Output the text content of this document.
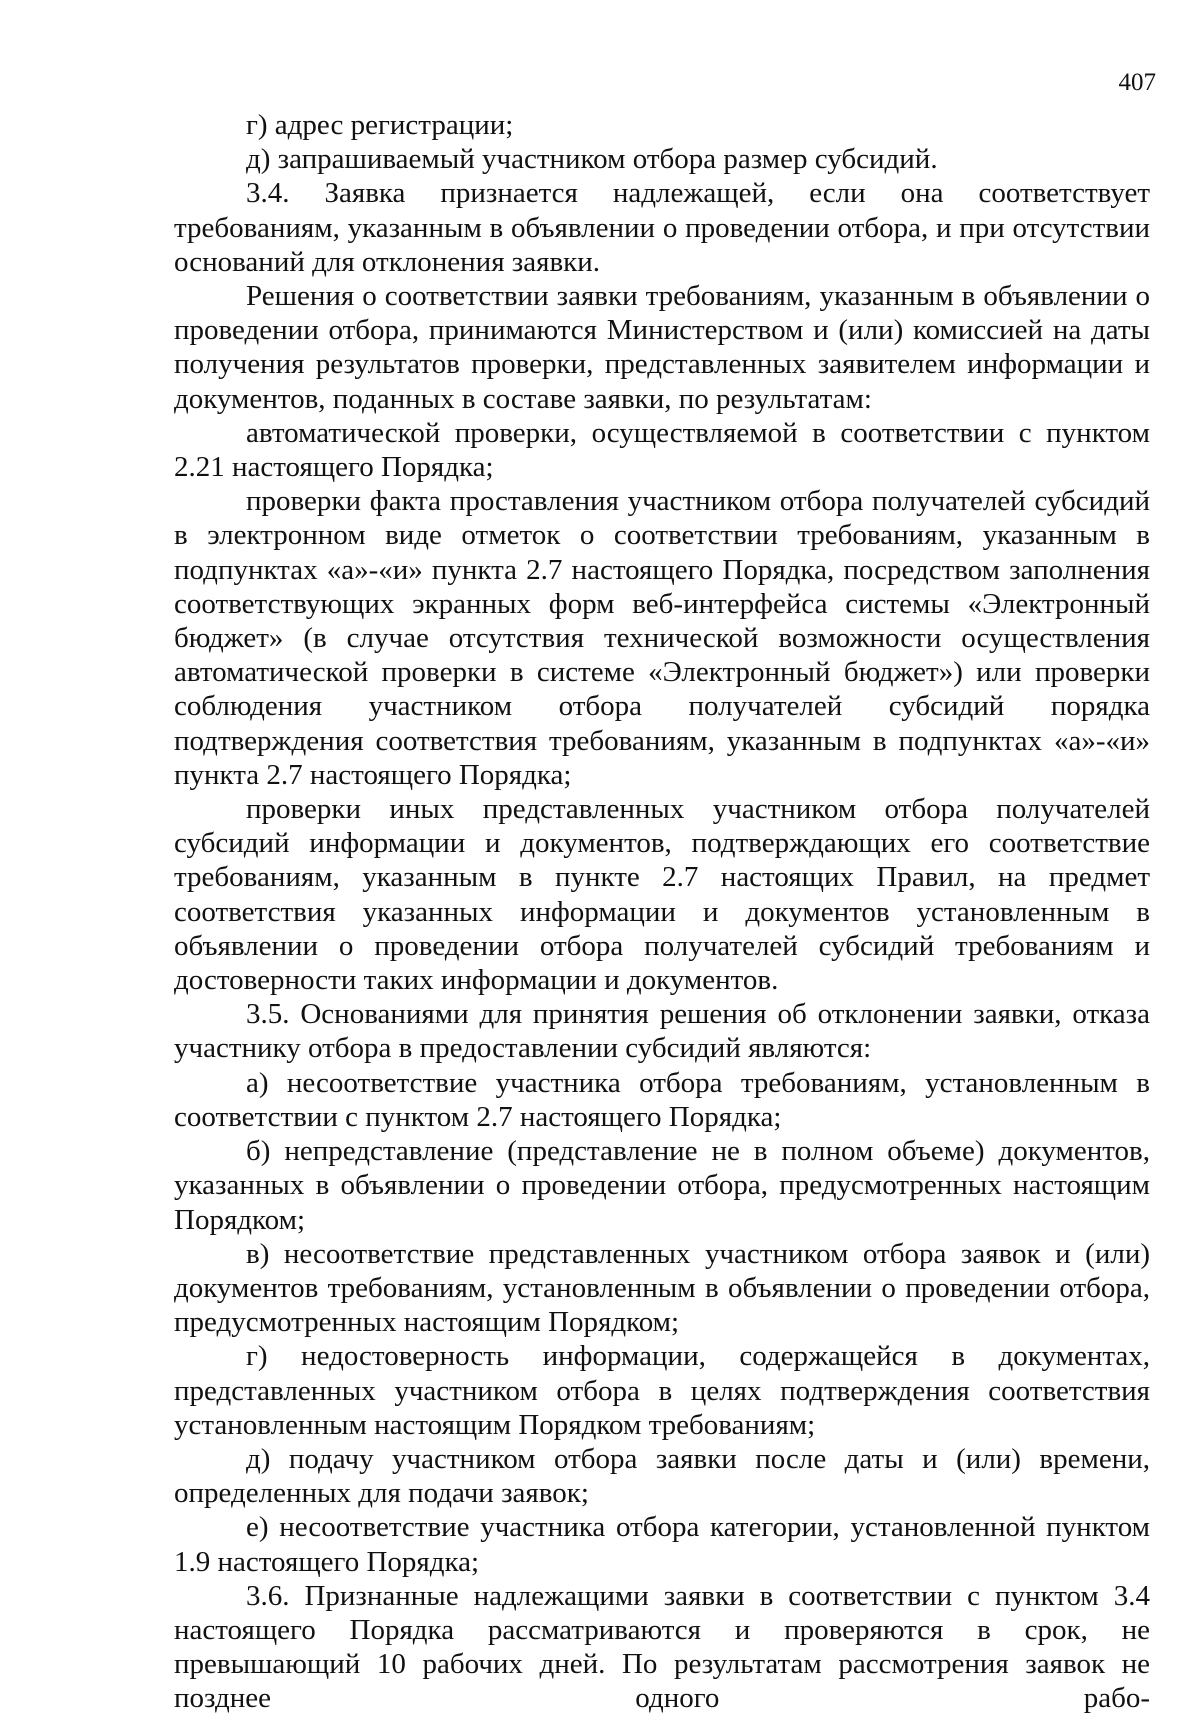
407

г) адрес регистрации;

д) запрашиваемый участником отбора размер субсидий.

3.4. Заявка признается надлежащей, если она соответствует требованиям, указанным в объявлении о проведении отбора, и при отсутствии оснований для отклонения заявки.

Решения о соответствии заявки требованиям, указанным в объявлении о проведении отбора, принимаются Министерством и (или) комиссией на даты получения результатов проверки, представленных заявителем информации и документов, поданных в составе заявки, по результатам:

автоматической проверки, осуществляемой в соответствии с пунктом 2.21 настоящего Порядка;

проверки факта проставления участником отбора получателей субсидий в электронном виде отметок о соответствии требованиям, указанным в подпунктах «а»-«и» пункта 2.7 настоящего Порядка, посредством заполнения соответствующих экранных форм веб-интерфейса системы «Электронный бюджет» (в случае отсутствия технической возможности осуществления автоматической проверки в системе «Электронный бюджет») или проверки соблюдения участником отбора получателей субсидий порядка подтверждения соответствия требованиям, указанным в подпунктах «а»-«и» пункта 2.7 настоящего Порядка;

проверки иных представленных участником отбора получателей субсидий информации и документов, подтверждающих его соответствие требованиям, указанным в пункте 2.7 настоящих Правил, на предмет соответствия указанных информации и документов установленным в объявлении о проведении отбора получателей субсидий требованиям и достоверности таких информации и документов.

3.5. Основаниями для принятия решения об отклонении заявки, отказа участнику отбора в предоставлении субсидий являются:

а) несоответствие участника отбора требованиям, установленным в соответствии с пунктом 2.7 настоящего Порядка;

б) непредставление (представление не в полном объеме) документов, указанных в объявлении о проведении отбора, предусмотренных настоящим Порядком;

в) несоответствие представленных участником отбора заявок и (или) документов требованиям, установленным в объявлении о проведении отбора, предусмотренных настоящим Порядком;

г) недостоверность информации, содержащейся в документах, представленных участником отбора в целях подтверждения соответствия установленным настоящим Порядком требованиям;

д) подачу участником отбора заявки после даты и (или) времени, определенных для подачи заявок;

е) несоответствие участника отбора категории, установленной пунктом 1.9 настоящего Порядка;

3.6. Признанные надлежащими заявки в соответствии с пунктом 3.4 настоящего Порядка рассматриваются и проверяются в срок, не превышающий 10 рабочих дней. По результатам рассмотрения заявок не позднее одного рабо-
